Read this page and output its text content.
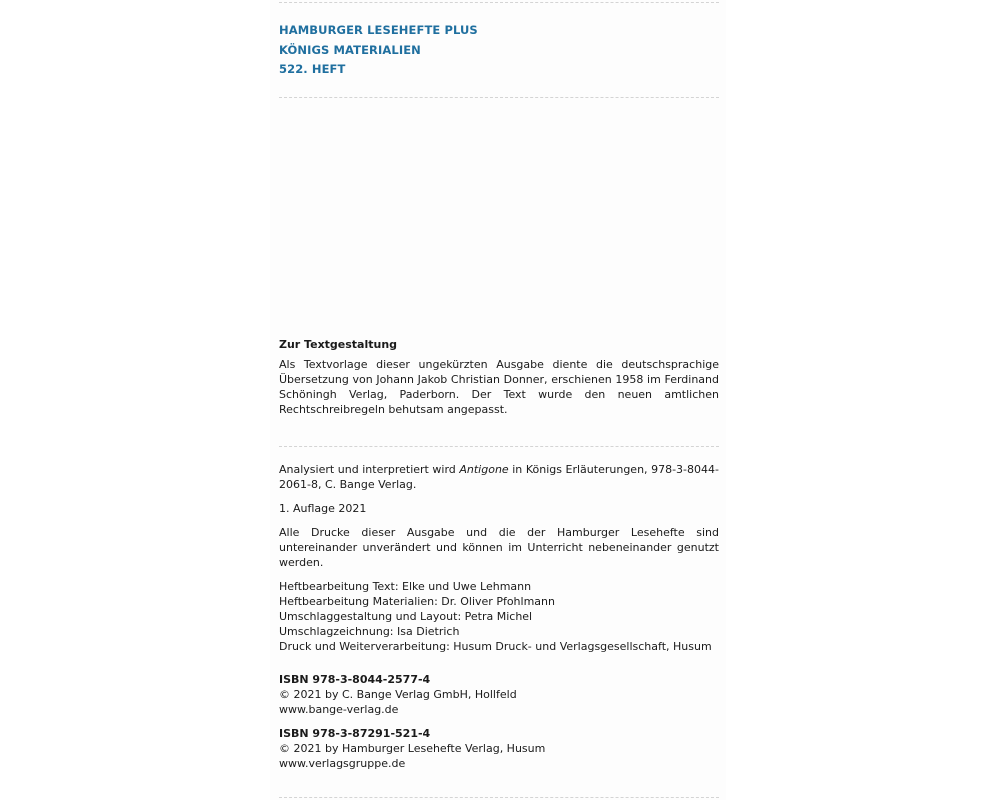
HAMBURGER LESEHEFTE PLUS
KÖNIGS MATERIALIEN
522. HEFT
Zur Textgestaltung
Als Textvorlage dieser ungekürzten Ausgabe diente die deutschsprachige Übersetzung von Johann Jakob Christian Donner, erschienen 1958 im Ferdinand Schöningh Verlag, Paderborn. Der Text wurde den neuen amtlichen Rechtschreibregeln behutsam angepasst.
Analysiert und interpretiert wird Antigone in Königs Erläuterungen, 978-3-8044-2061-8, C. Bange Verlag.
1. Auflage 2021
Alle Drucke dieser Ausgabe und die der Hamburger Lesehefte sind untereinander unverändert und können im Unterricht nebeneinander genutzt werden.
Heftbearbeitung Text: Elke und Uwe Lehmann
Heftbearbeitung Materialien: Dr. Oliver Pfohlmann
Umschlaggestaltung und Layout: Petra Michel
Umschlagzeichnung: Isa Dietrich
Druck und Weiterverarbeitung: Husum Druck- und Verlagsgesellschaft, Husum
ISBN 978-3-8044-2577-4
© 2021 by C. Bange Verlag GmbH, Hollfeld
www.bange-verlag.de
ISBN 978-3-87291-521-4
© 2021 by Hamburger Lesehefte Verlag, Husum
www.verlagsgruppe.de
